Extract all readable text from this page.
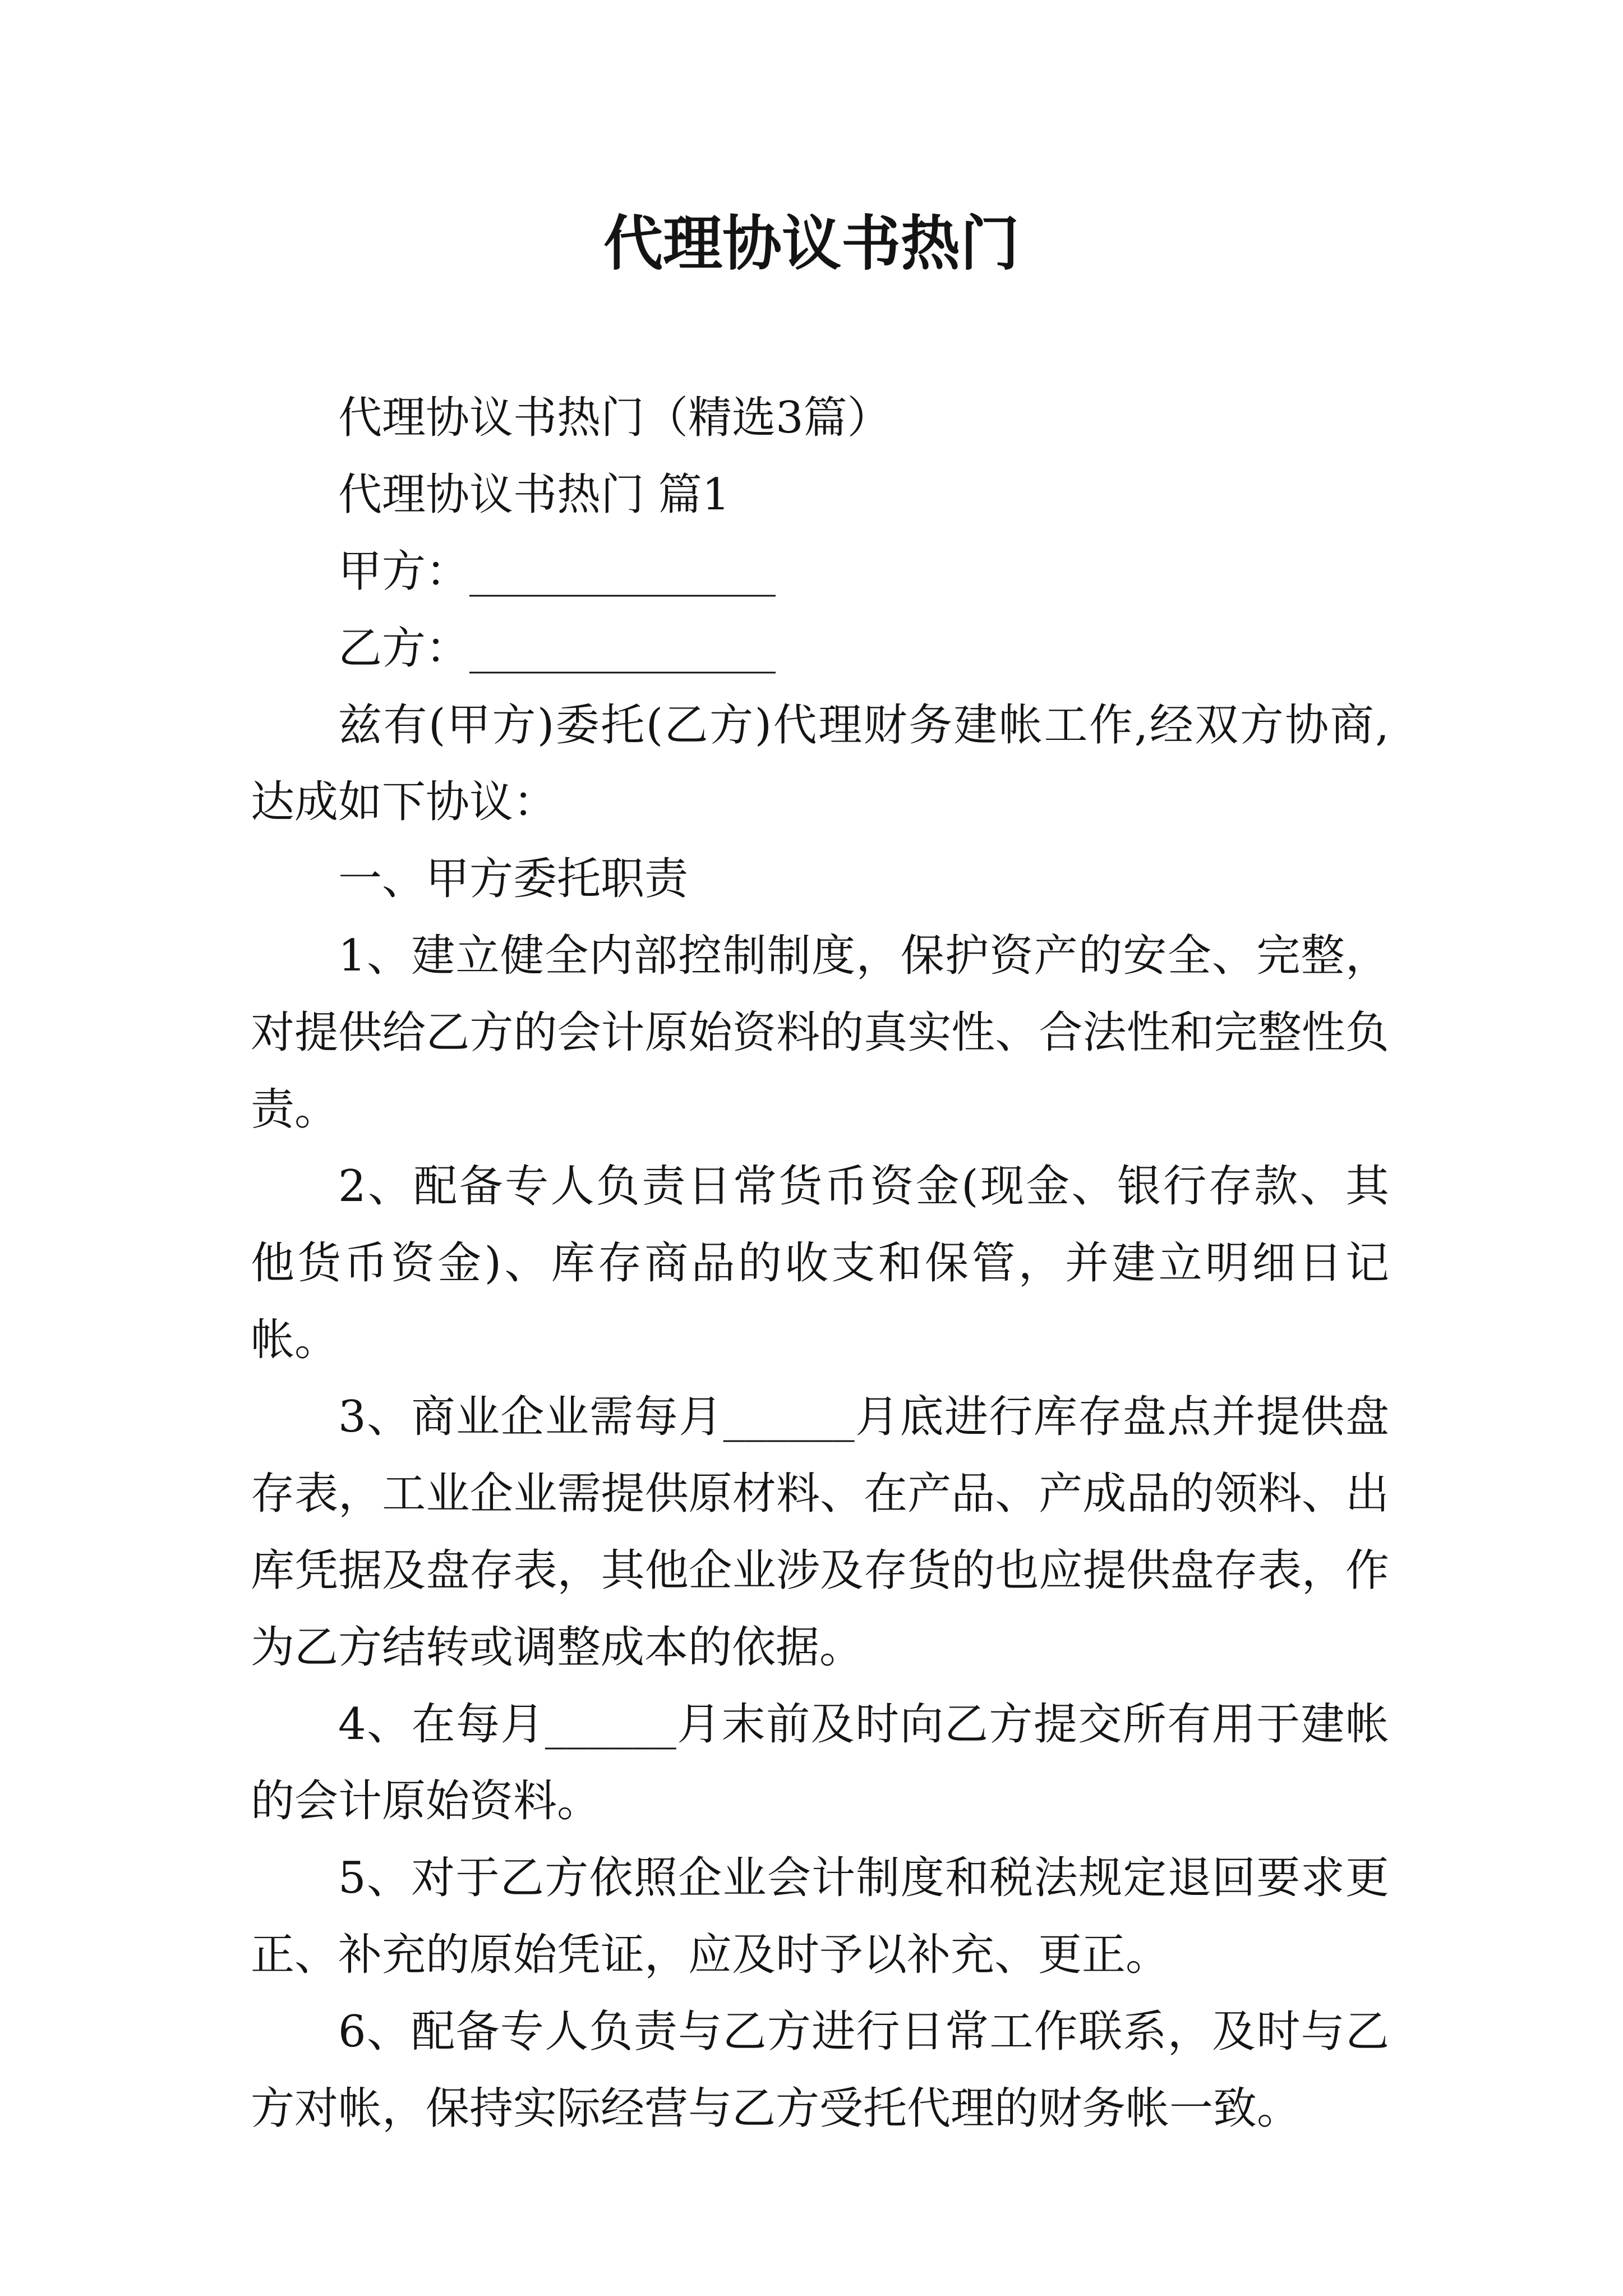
代理协议书热门

代理协议书热门（精选3篇）

代理协议书热门 篇1

甲方：______________

乙方：______________

兹有(甲方)委托(乙方)代理财务建帐工作,经双方协商,达成如下协议：

一、甲方委托职责

1、建立健全内部控制制度，保护资产的安全、完整，对提供给乙方的会计原始资料的真实性、合法性和完整性负责。

2、配备专人负责日常货币资金(现金、银行存款、其他货币资金)、库存商品的收支和保管，并建立明细日记帐。

3、商业企业需每月______月底进行库存盘点并提供盘存表，工业企业需提供原材料、在产品、产成品的领料、出库凭据及盘存表，其他企业涉及存货的也应提供盘存表，作为乙方结转或调整成本的依据。

4、在每月______月末前及时向乙方提交所有用于建帐的会计原始资料。

5、对于乙方依照企业会计制度和税法规定退回要求更正、补充的原始凭证，应及时予以补充、更正。

6、配备专人负责与乙方进行日常工作联系，及时与乙方对帐，保持实际经营与乙方受托代理的财务帐一致。
